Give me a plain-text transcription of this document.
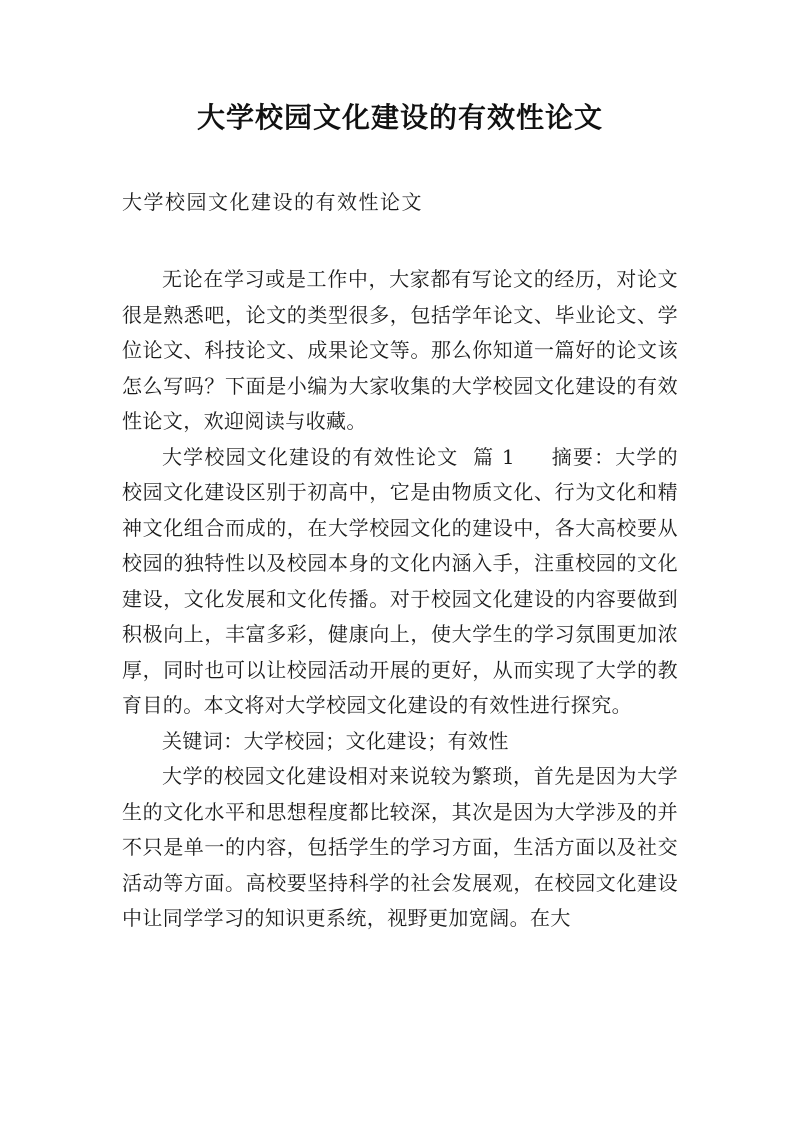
大学校园文化建设的有效性论文

大学校园文化建设的有效性论文

无论在学习或是工作中，大家都有写论文的经历，对论文很是熟悉吧，论文的类型很多，包括学年论文、毕业论文、学位论文、科技论文、成果论文等。那么你知道一篇好的论文该怎么写吗？下面是小编为大家收集的大学校园文化建设的有效性论文，欢迎阅读与收藏。

大学校园文化建设的有效性论文 篇 1 摘要：大学的校园文化建设区别于初高中，它是由物质文化、行为文化和精神文化组合而成的，在大学校园文化的建设中，各大高校要从校园的独特性以及校园本身的文化内涵入手，注重校园的文化建设，文化发展和文化传播。对于校园文化建设的内容要做到积极向上，丰富多彩，健康向上，使大学生的学习氛围更加浓厚，同时也可以让校园活动开展的更好，从而实现了大学的教育目的。本文将对大学校园文化建设的有效性进行探究。

关键词：大学校园；文化建设；有效性

大学的校园文化建设相对来说较为繁琐，首先是因为大学生的文化水平和思想程度都比较深，其次是因为大学涉及的并不只是单一的内容，包括学生的学习方面，生活方面以及社交活动等方面。高校要坚持科学的社会发展观，在校园文化建设中让同学学习的知识更系统，视野更加宽阔。在大
